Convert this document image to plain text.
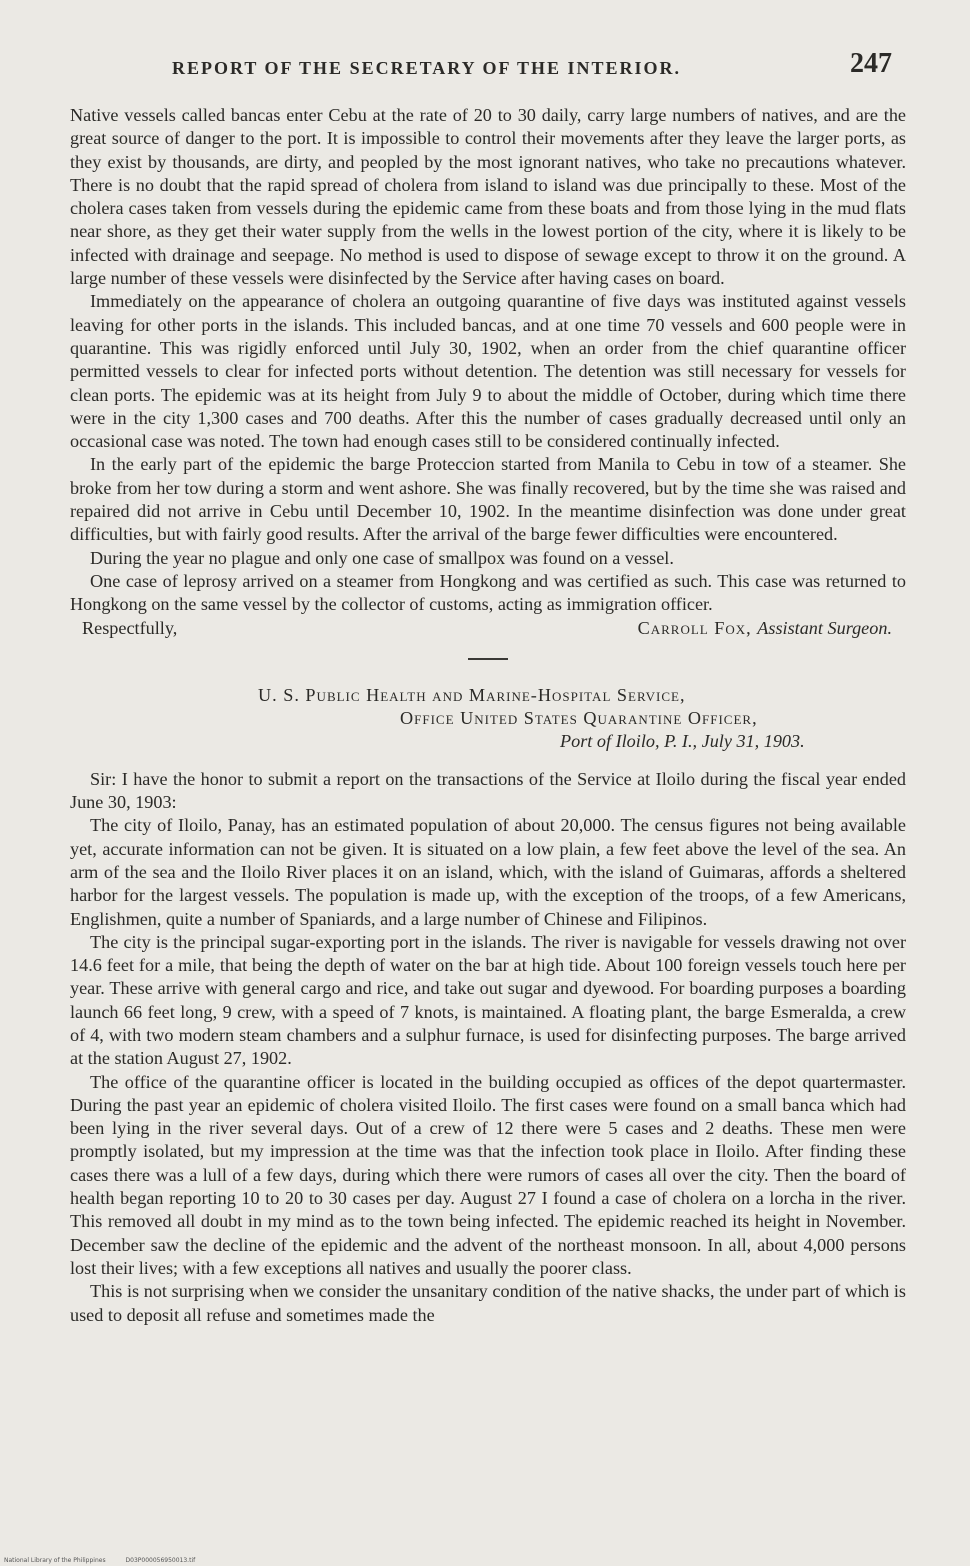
REPORT OF THE SECRETARY OF THE INTERIOR.	247

Native vessels called bancas enter Cebu at the rate of 20 to 30 daily, carry large numbers of natives, and are the great source of danger to the port. It is impossible to control their movements after they leave the larger ports, as they exist by thousands, are dirty, and peopled by the most ignorant natives, who take no precautions whatever. There is no doubt that the rapid spread of cholera from island to island was due principally to these. Most of the cholera cases taken from vessels during the epidemic came from these boats and from those lying in the mud flats near shore, as they get their water supply from the wells in the lowest portion of the city, where it is likely to be infected with drainage and seepage. No method is used to dispose of sewage except to throw it on the ground. A large number of these vessels were disinfected by the Service after having cases on board.

Immediately on the appearance of cholera an outgoing quarantine of five days was instituted against vessels leaving for other ports in the islands. This included bancas, and at one time 70 vessels and 600 people were in quarantine. This was rigidly enforced until July 30, 1902, when an order from the chief quarantine officer permitted vessels to clear for infected ports without detention. The detention was still necessary for vessels for clean ports. The epidemic was at its height from July 9 to about the middle of October, during which time there were in the city 1,300 cases and 700 deaths. After this the number of cases gradually decreased until only an occasional case was noted. The town had enough cases still to be considered continually infected.

In the early part of the epidemic the barge Proteccion started from Manila to Cebu in tow of a steamer. She broke from her tow during a storm and went ashore. She was finally recovered, but by the time she was raised and repaired did not arrive in Cebu until December 10, 1902. In the meantime disinfection was done under great difficulties, but with fairly good results. After the arrival of the barge fewer difficulties were encountered.

During the year no plague and only one case of smallpox was found on a vessel.

One case of leprosy arrived on a steamer from Hongkong and was certified as such. This case was returned to Hongkong on the same vessel by the collector of customs, acting as immigration officer.

Respectfully,	Carroll Fox, Assistant Surgeon.
U. S. Public Health and Marine-Hospital Service,
Office United States Quarantine Officer,
Port of Iloilo, P. I., July 31, 1903.

Sir: I have the honor to submit a report on the transactions of the Service at Iloilo during the fiscal year ended June 30, 1903:

The city of Iloilo, Panay, has an estimated population of about 20,000. The census figures not being available yet, accurate information can not be given. It is situated on a low plain, a few feet above the level of the sea. An arm of the sea and the Iloilo River places it on an island, which, with the island of Guimaras, affords a sheltered harbor for the largest vessels. The population is made up, with the exception of the troops, of a few Americans, Englishmen, quite a number of Spaniards, and a large number of Chinese and Filipinos.

The city is the principal sugar-exporting port in the islands. The river is navigable for vessels drawing not over 14.6 feet for a mile, that being the depth of water on the bar at high tide. About 100 foreign vessels touch here per year. These arrive with general cargo and rice, and take out sugar and dyewood. For boarding purposes a boarding launch 66 feet long, 9 crew, with a speed of 7 knots, is maintained. A floating plant, the barge Esmeralda, a crew of 4, with two modern steam chambers and a sulphur furnace, is used for disinfecting purposes. The barge arrived at the station August 27, 1902.

The office of the quarantine officer is located in the building occupied as offices of the depot quartermaster. During the past year an epidemic of cholera visited Iloilo. The first cases were found on a small banca which had been lying in the river several days. Out of a crew of 12 there were 5 cases and 2 deaths. These men were promptly isolated, but my impression at the time was that the infection took place in Iloilo. After finding these cases there was a lull of a few days, during which there were rumors of cases all over the city. Then the board of health began reporting 10 to 20 to 30 cases per day. August 27 I found a case of cholera on a lorcha in the river. This removed all doubt in my mind as to the town being infected. The epidemic reached its height in November. December saw the decline of the epidemic and the advent of the northeast monsoon. In all, about 4,000 persons lost their lives; with a few exceptions all natives and usually the poorer class.

This is not surprising when we consider the unsanitary condition of the native shacks, the under part of which is used to deposit all refuse and sometimes made the

National Library of the Philippines	D03P000056950013.tif
